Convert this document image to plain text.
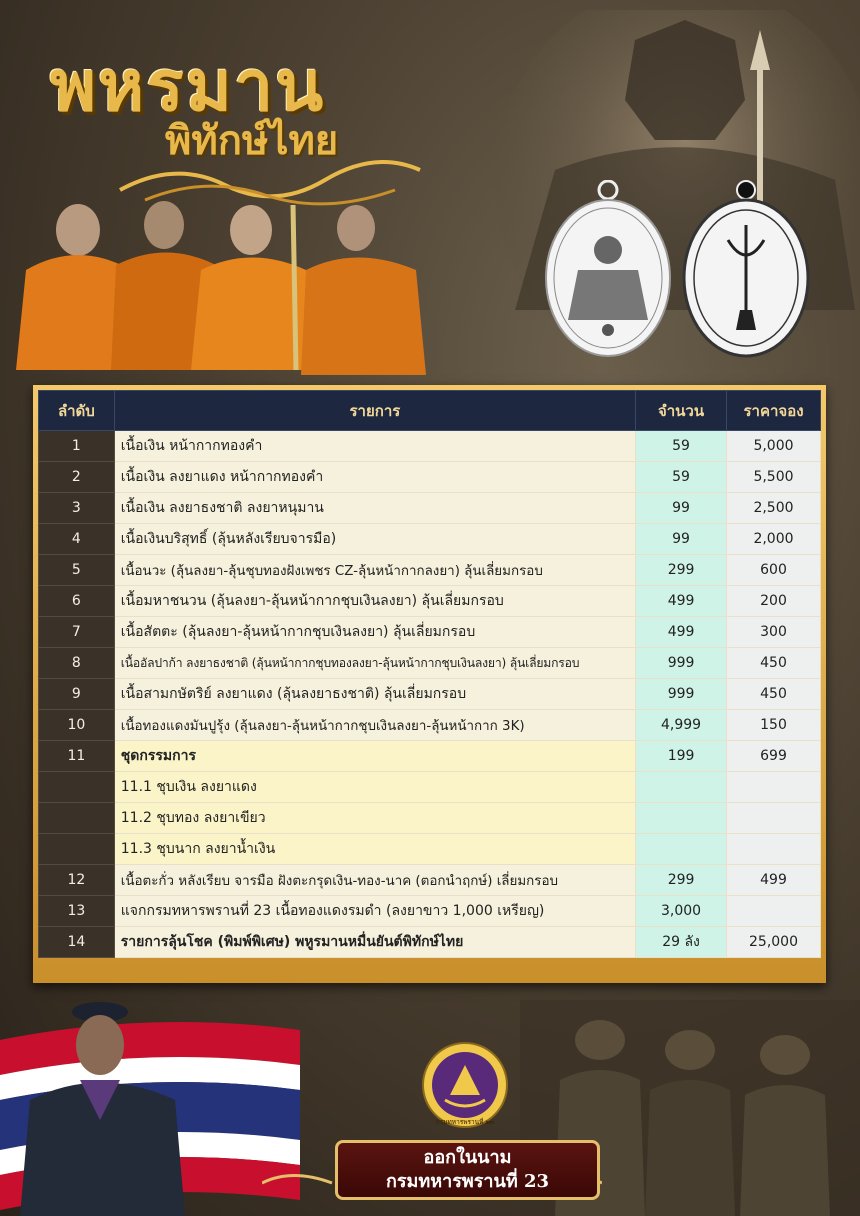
พหรมาน
พิทักษ์ไทย
ลำดับ	รายการ	จำนวน	ราคาจอง
1	เนื้อเงิน หน้ากากทองคำ	59	5,000
2	เนื้อเงิน ลงยาแดง หน้ากากทองคำ	59	5,500
3	เนื้อเงิน ลงยาธงชาติ ลงยาหนุมาน	99	2,500
4	เนื้อเงินบริสุทธิ์ (ลุ้นหลังเรียบจารมือ)	99	2,000
5	เนื้อนวะ (ลุ้นลงยา-ลุ้นชุบทองฝังเพชร CZ-ลุ้นหน้ากากลงยา) ลุ้นเลี่ยมกรอบ	299	600
6	เนื้อมหาชนวน (ลุ้นลงยา-ลุ้นหน้ากากชุบเงินลงยา) ลุ้นเลี่ยมกรอบ	499	200
7	เนื้อสัตตะ (ลุ้นลงยา-ลุ้นหน้ากากชุบเงินลงยา) ลุ้นเลี่ยมกรอบ	499	300
8	เนื้ออัลปาก้า ลงยาธงชาติ (ลุ้นหน้ากากชุบทองลงยา-ลุ้นหน้ากากชุบเงินลงยา) ลุ้นเลี่ยมกรอบ	999	450
9	เนื้อสามกษัตริย์ ลงยาแดง (ลุ้นลงยาธงชาติ) ลุ้นเลี่ยมกรอบ	999	450
10	เนื้อทองแดงมันปูรุ้ง (ลุ้นลงยา-ลุ้นหน้ากากชุบเงินลงยา-ลุ้นหน้ากาก 3K)	4,999	150
11	ชุดกรรมการ	199	699
	11.1 ชุบเงิน ลงยาแดง		
	11.2 ชุบทอง ลงยาเขียว		
	11.3 ชุบนาก ลงยาน้ำเงิน		
12	เนื้อตะกั่ว หลังเรียบ จารมือ ฝังตะกรุดเงิน-ทอง-นาค (ตอกนำฤกษ์) เลี่ยมกรอบ	299	499
13	แจกกรมทหารพรานที่ 23 เนื้อทองแดงรมดำ (ลงยาขาว 1,000 เหรียญ)	3,000	
14	รายการลุ้นโชค (พิมพ์พิเศษ) พหูรมานหมื่นยันต์พิทักษ์ไทย	29 ลัง	25,000
กรมทหารพรานที่ ๒๓
ออกในนาม
กรมทหารพรานที่ 23
